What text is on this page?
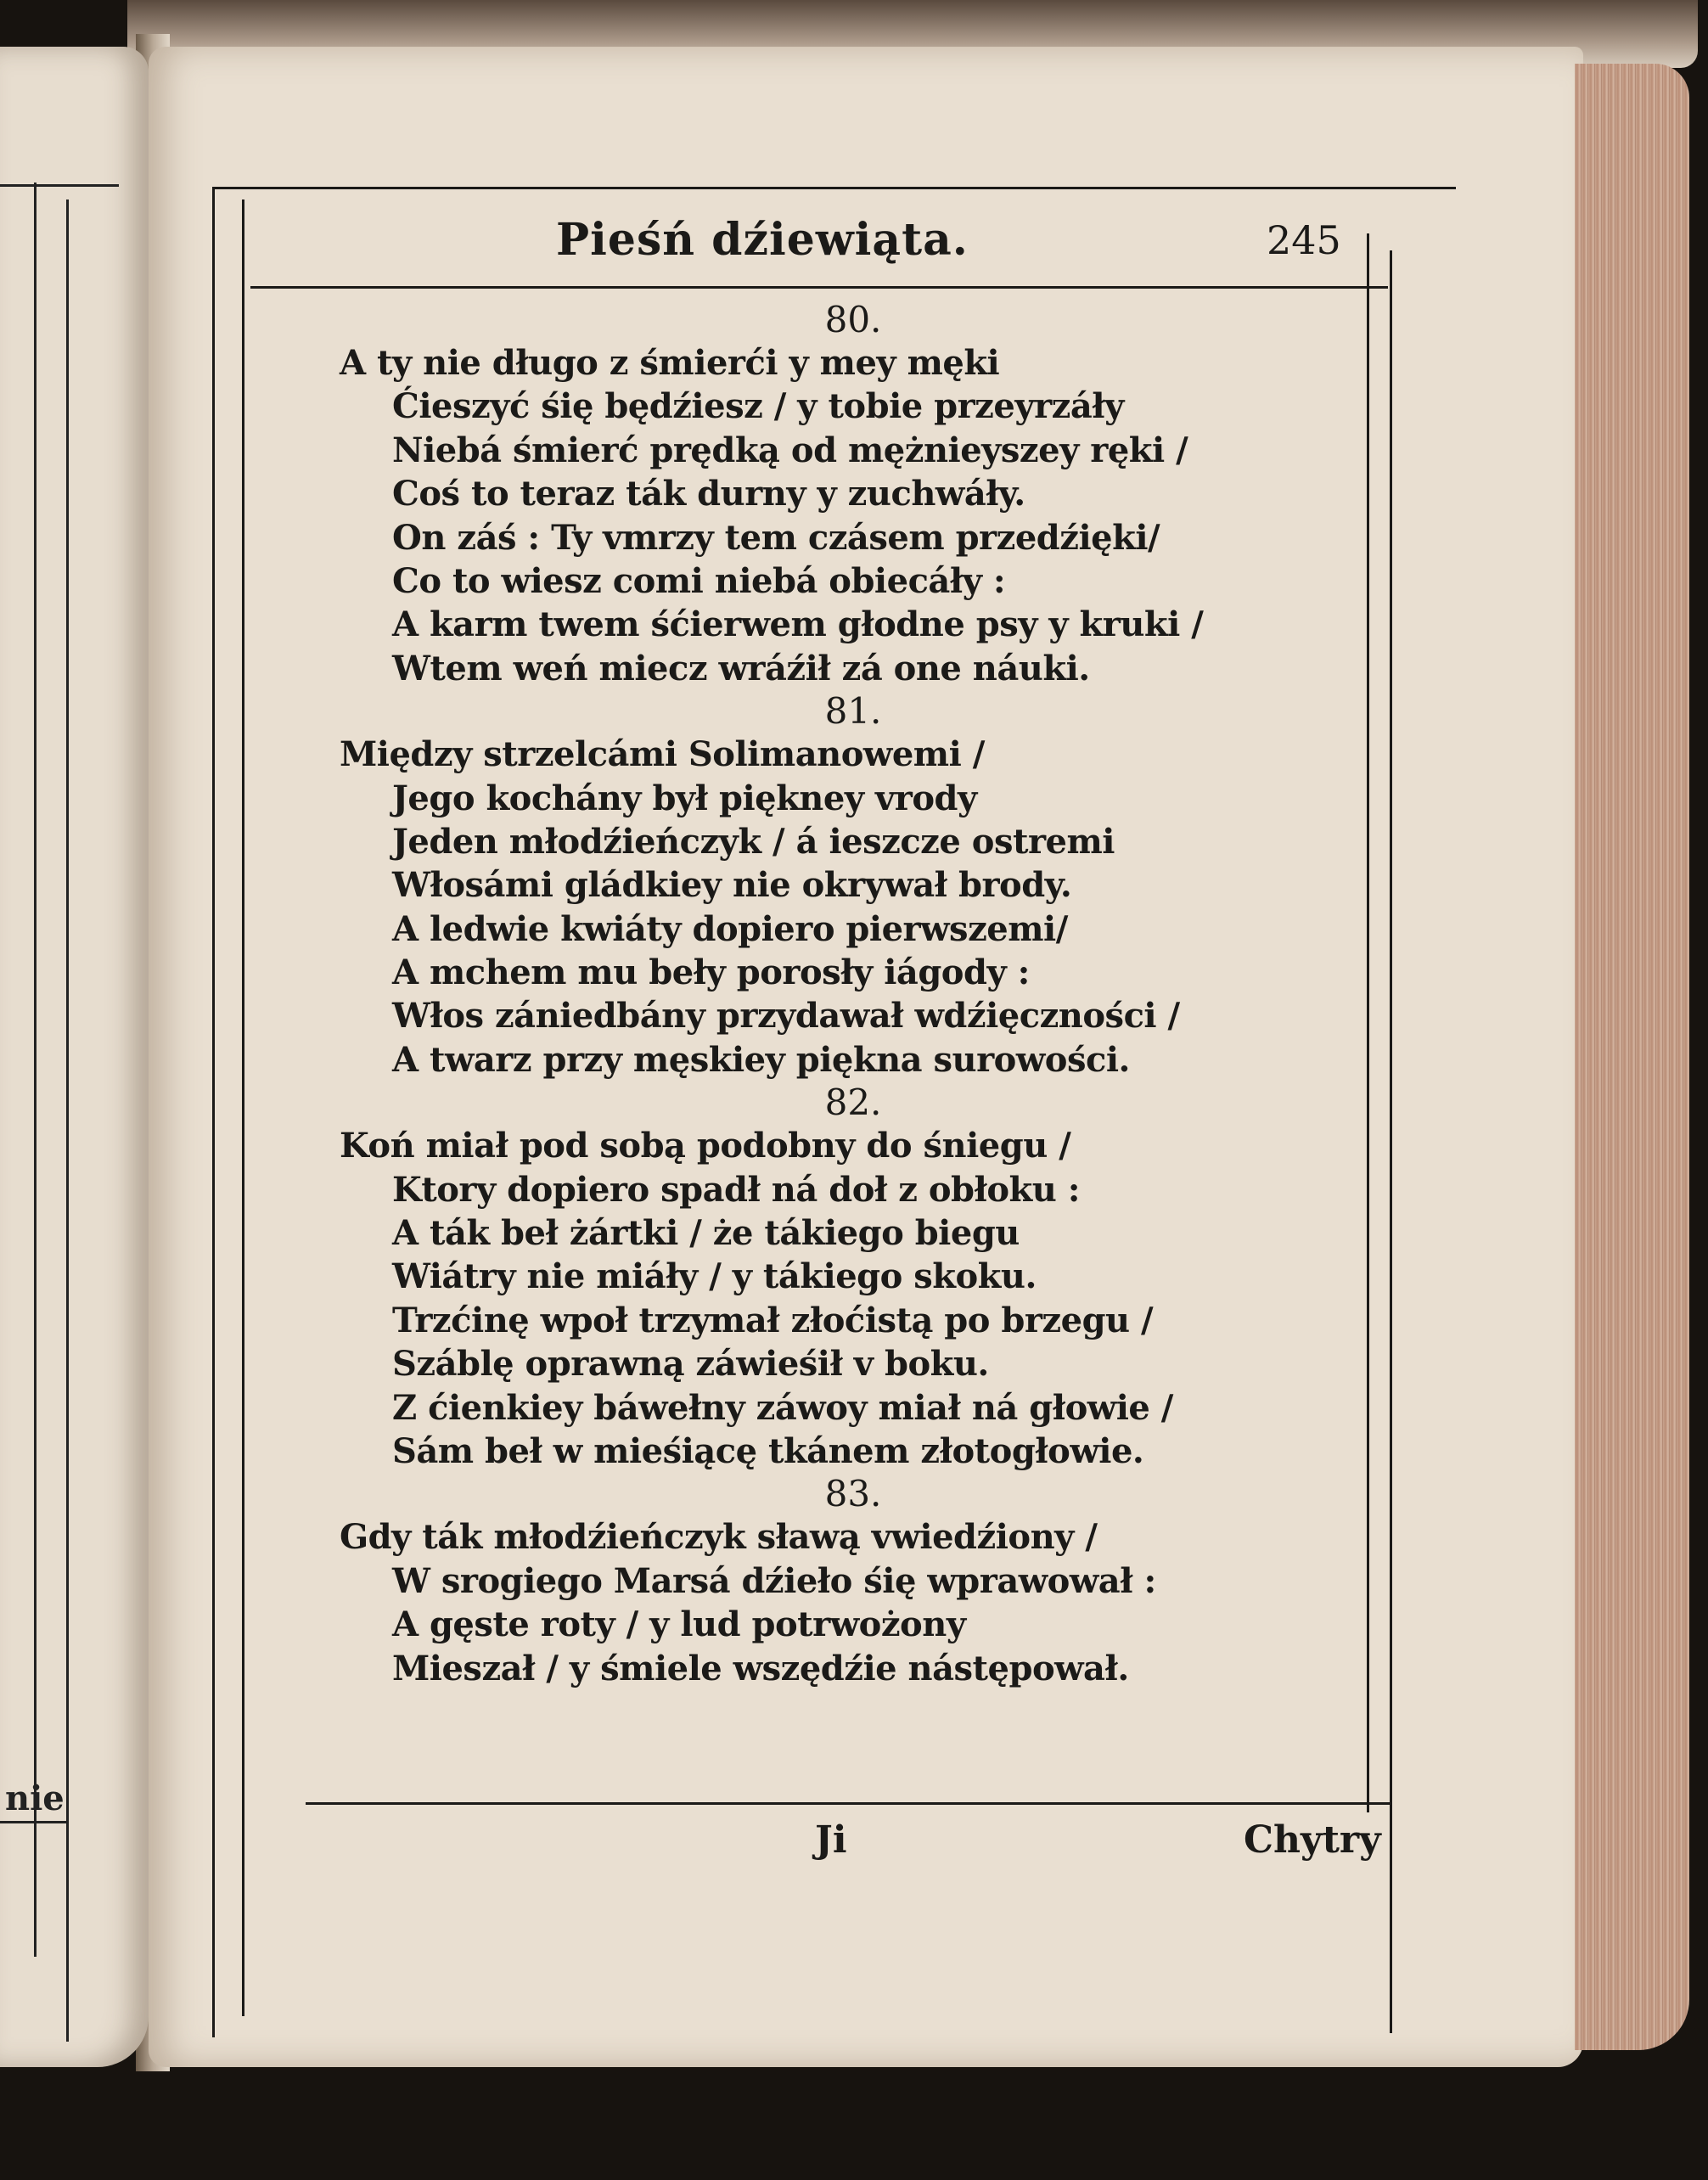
nie
Pieśń dźiewiąta.	245
80.
A ty nie długo z śmierći y mey męki
Ćieszyć śię będźiesz / y tobie przeyrzáły
Niebá śmierć prędką od mężnieyszey ręki /
Coś to teraz ták durny y zuchwáły.
On záś : Ty vmrzy tem czásem przedźięki/
Co to wiesz comi niebá obiecáły :
A karm twem śćierwem głodne psy y kruki /
Wtem weń miecz wráźił zá one náuki.
81.
Między strzelcámi Solimanowemi /
Jego kochány był piękney vrody
Jeden młodźieńczyk / á ieszcze ostremi
Włosámi gládkiey nie okrywał brody.
A ledwie kwiáty dopiero pierwszemi/
A mchem mu beły porosły iágody :
Włos zániedbány przydawał wdźięczności /
A twarz przy męskiey piękna surowości.
82.
Koń miał pod sobą podobny do śniegu /
Ktory dopiero spadł ná doł z obłoku :
A ták beł żártki / że tákiego biegu
Wiátry nie miáły / y tákiego skoku.
Trzćinę wpoł trzymał złoćistą po brzegu /
Száblę oprawną záwieśił v boku.
Z ćienkiey báwełny záwoy miał ná głowie /
Sám beł w mieśiącę tkánem złotogłowie.
83.
Gdy ták młodźieńczyk sławą vwiedźiony /
W srogiego Marsá dźieło śię wprawował :
A gęste roty / y lud potrwożony
Mieszał / y śmiele wszędźie nástępował.
Ji	Chytry
